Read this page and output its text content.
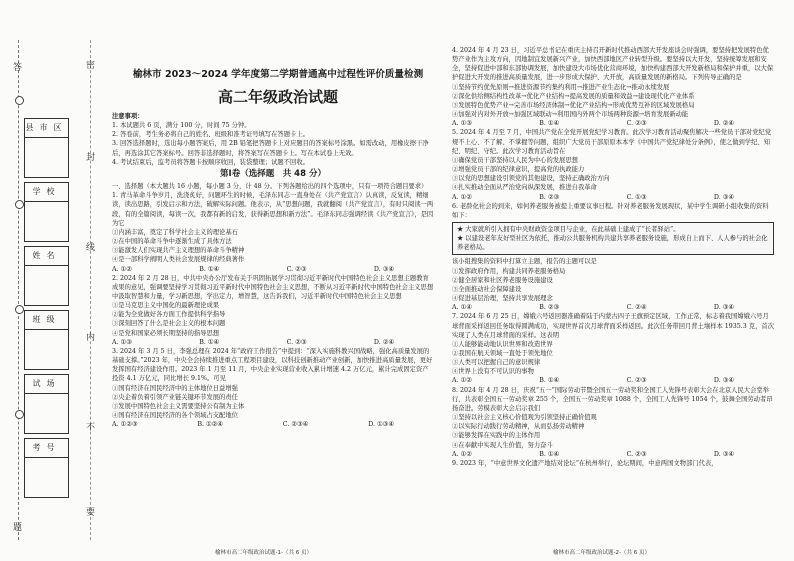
密
封
线
内
不
要
答
题
县市区
学校
姓名
班级
试场
考号
榆林市 2023～2024 学年度第二学期普通高中过程性评价质量检测
高二年级政治试题

注意事项：

1. 本试题共 6 页，满分 100 分，时间 75 分钟。

2. 答卷前，考生务必将自己的姓名、班级和准考证号填写在答题卡上。

3. 回答选择题时，选出每小题答案后，用 2B 铅笔把答题卡上对应题目的答案标号涂黑。如需改动，用橡皮擦干净后，再选涂其它答案标号。回答非选择题时，将答案写在答题卡上。写在本试卷上无效。

4. 考试结束后，监考员将答题卡按顺序收回，装袋整理；试题不回收。

第Ⅰ卷（选择题　共 48 分）

一、选择题（本大题共 16 小题，每小题 3 分，计 48 分。下列各题给出的四个选项中，只有一项符合题目要求）

1. 青马革命斗争岁月，洗浇炙好，问题环生的时候，毛泽东同志一直身处在（共产党宣言）认真读，反复读，精细读，读出思路，引发启示和方法，破解实际问题。他表示，从“思想问题，我就翻阅（共产党宣言），有时只阅读一两段，有的全篇阅读，每读一次，我都有新的启发，获得新思想和新方法”。毛泽东同志强调经读《共产党宣言》，是因为它

①内涵丰富，奠定了科学社会主义的理论基石

②在中国的革命斗争中逐渐生成了具体方法

③能激发人们实现共产主义理想的革命斗争精神

④是一部科学阐明人类社会发展规律的经典著作

A. ①②	B. ①④	C. ②③	D. ③④

2. 2024 年 2 月 28 日，中共中央办公厅发布关于巩固拓展学习贯彻习近平新时代中国特色社会主义思想主题教育成果的意见，强调要坚持学习贯彻习近平新时代中国特色社会主义思想，不断从习近平新时代中国特色社会主义思想中汲取智慧和力量，学习新思想，学出定力，增智慧，这告诉我们，习近平新时代中国特色社会主义思想

①是马克思主义中国化的最新理论成果

②能为全党做好各方面工作提供科学指导

③深刻回答了什么是社会主义的根本问题

④是党和国家必须长期坚持的指导思想

A. ①③	B. ①④	C. ②③	D. ②④

3. 2024 年 3 月 5 日，李强总理在 2024 年“政府工作报告”中提到：“深入实施科教兴国战略，强化高质量发展的基础支撑。”2023 年，中央全会持续推进重点工程项目建设，以科技创新推动产业创新，加快推进高质量发展，更好发挥国有经济建设作用。2023 年 1 月至 11 月，中央企业实现营业收入累计增速 4.2 万亿元，累计完成固定资产投资 4.1 万亿元，同比增长 9.1%。可见

①国有经济在国民经济中的主体地位日益增强

②央企着负着引领产业链关键环节发展的责任

③发展中国特色社会主义需要坚持公有制为主体

④国有经济在国民经济的各个领域占支配地位

A. ①②③	B. ①②④	C. ②③④	D. ①③④

4. 2024 年 4 月 23 日，习近平总书记在重庆主持召开新时代推动西部大开发座谈会时强调，要坚持把发展特色优势产业作为主攻方向，因地制宜发展新兴产业，加快西部地区产业转型升级。要坚持以大开发，坚持统筹发展和安全，坚持促进中部和东部协调发展，加快建设大市场优化营商环境，加快构建西部大开发新格局和保护并重，以大保护促进大开发的推进高质量发展，进一步形成大保护、大开放，高质量发展的新格局。下列传导正确的是

①坚持节约优先原则→推进资源节约集约利用→推进产业生态化→推动永续发展

②深化供给侧结构性改革→优化产业结构→提高发展的质量和效益→建设现代化产业体系

③发展特色优势产业→完善市场经济体制→优化产业结构→形成优势互补的区域发展格局

④加强对内对外开放→加强区域联动→利用国内外两个市场两种资源→培育发展新动能

A. ①③	B. ①④	C. ②③	D. ②④

5. 2024 年 4 月至 7 月，中国共产党在全党开展党纪学习教育。此次学习教育活动聚焦解决一些党员干部对党纪党规不上心、不了解、不掌握等问题，组织广大党员干部原原本本学《中国共产党纪律处分条例》，使之做到学纪、知纪、明纪、守纪。此次学习教育活动旨在

①确保党员干部坚持以人民为中心的发展思想

②增强党员干部的纪律意识，提高党的执政能力

③以党的思想建设引领党的其他建设，坚持正确政治方向

④扎实推动全面从严治党向纵深发展，推进自我革命

A. ①②	B. ②③	C. ①③	D. ③④

6. 老龄化社会的到来，如何养老服务被提上重要议事日程。针对养老服务发展现状，某中学生调研小组收集的资料如下：

★ 大家就所引入拥有中央财政资金项目与企业，在此基础上建成了“长者驿站”。

★ 以建设老年友好型社区为依托，推动公共服务机构共建共享养老服务设施，形成自上而下、人人参与的社会化养老格局。

该小组搜集的资料中打算立主题，报告的主题可以是

①发挥政府作用，构建共同养老服务格局

②健全居家和社区养老服务设施建设

③全面推动社会保障建设

④促进基层治理，坚持共享发展理念

A. ①④	B. ②③	C. ②④	D. ③④

7. 2024 年 6 月 25 日，嫦娥六号返回器准确着陆于内蒙古四子王旗预定区域，工作正常，标志着我国嫦娥六号月球背面采样返回任务取得圆满成功，实现世界首次月球背面采样返回。此次任务带回月背土壤样本 1935.3 克，首次实现了人类在月球背面的采样。这表明

①人能够能动地认识世界和改造世界

②我国在航天领域一直处于领先地位

③人类可以把握自己的意识规律

④世界上没有不可认识的事物

A. ①②	B. ①④	C. ②③	D. ③④

8. 2024 年 4 月 28 日，庆祝“五一”国际劳动节暨全国五一劳动奖和全国工人先锋号表彰大会在北京人民大会堂举行，共表彰全国五一劳动奖章 255 个，全国五一劳动奖章 1088 个，全国工人先锋号 1054 个，鼓舞全国劳动者昂扬奋进。劳模表彰大会启示我们

①坚持以社会主义核心价值观为引领坚持正确价值观

②以实际行动践行劳动精神，从而弘扬劳动精神

③能够发挥在实践中的主体作用

④在奉献中实现人生价值，努力奋斗

A. ①②	B. ①④	C. ②③	D. ③④

9. 2023 年，“中意世界文化遗产地结对论坛”在杭州举行，论坛期间，中意两国文物部门代表，

榆林市高二年级政治试题-1-（共 6 页）	榆林市高二年级政治试题-2-（共 6 页）
